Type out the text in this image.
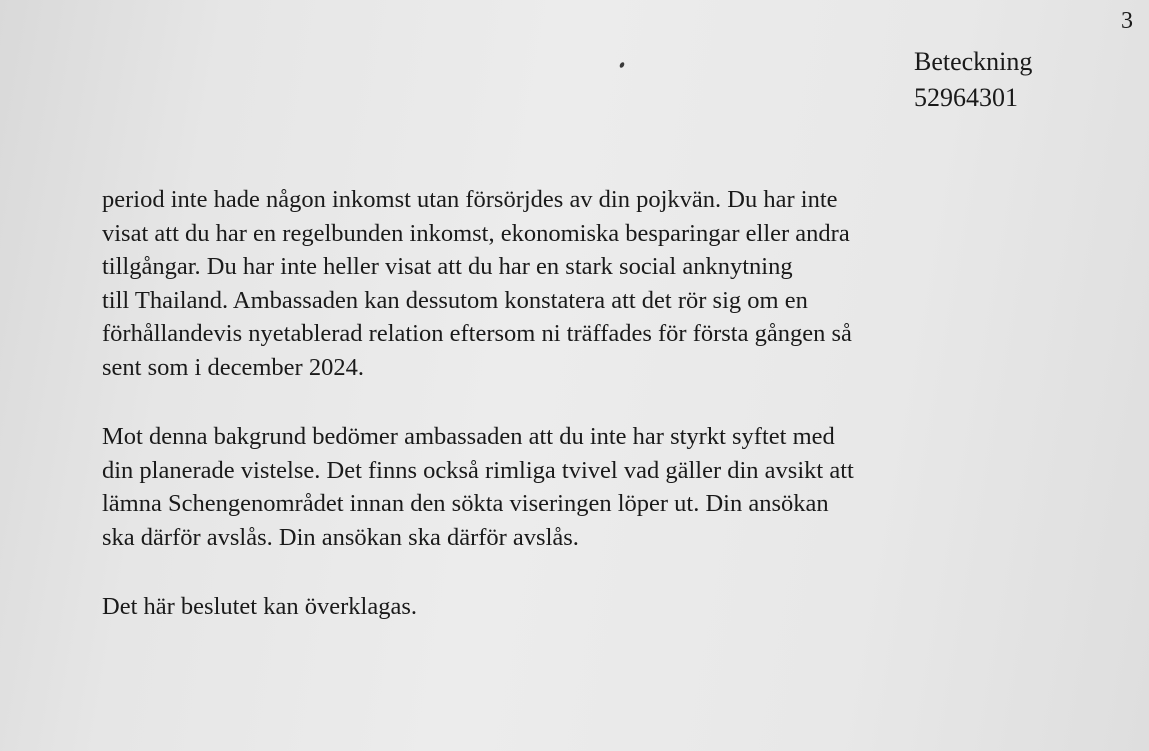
3
Beteckning
52964301

period inte hade någon inkomst utan försörjdes av din pojkvän. Du har inte
visat att du har en regelbunden inkomst, ekonomiska besparingar eller andra
tillgångar. Du har inte heller visat att du har en stark social anknytning
till Thailand. Ambassaden kan dessutom konstatera att det rör sig om en
förhållandevis nyetablerad relation eftersom ni träffades för första gången så
sent som i december 2024.

Mot denna bakgrund bedömer ambassaden att du inte har styrkt syftet med
din planerade vistelse. Det finns också rimliga tvivel vad gäller din avsikt att
lämna Schengenområdet innan den sökta viseringen löper ut. Din ansökan
ska därför avslås. Din ansökan ska därför avslås.

Det här beslutet kan överklagas.
